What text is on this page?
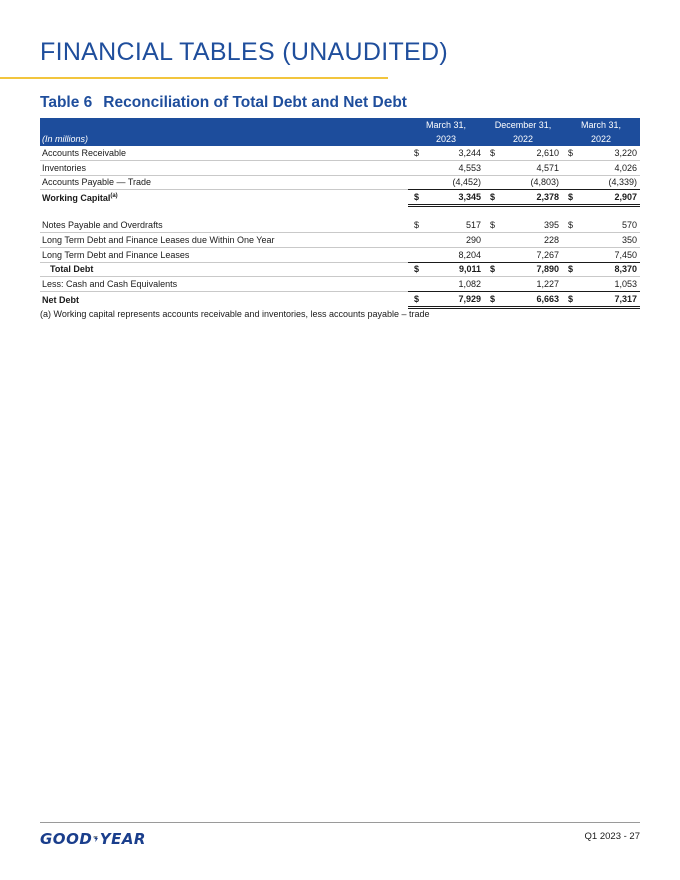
FINANCIAL TABLES (UNAUDITED)
Table 6 Reconciliation of Total Debt and Net Debt
	March 31,		December 31,		March 31,	
(In millions)	2023		2022		2022	
Accounts Receivable	$	3,244	$	2,610	$	3,220
Inventories		4,553		4,571		4,026
Accounts Payable — Trade		(4,452)		(4,803)		(4,339)
Working Capital$^{(a)}$	$	3,345	$	2,378	$	2,907

Notes Payable and Overdrafts	$	517	$	395	$	570
Long Term Debt and Finance Leases due Within One Year		290		228		350
Long Term Debt and Finance Leases		8,204		7,267		7,450
Total Debt	$	9,011	$	7,890	$	8,370
Less: Cash and Cash Equivalents		1,082		1,227		1,053
Net Debt	$	7,929	$	6,663	$	7,317
(a) Working capital represents accounts receivable and inventories, less accounts payable – trade
GOOD YEAR	Q1 2023 - 27
